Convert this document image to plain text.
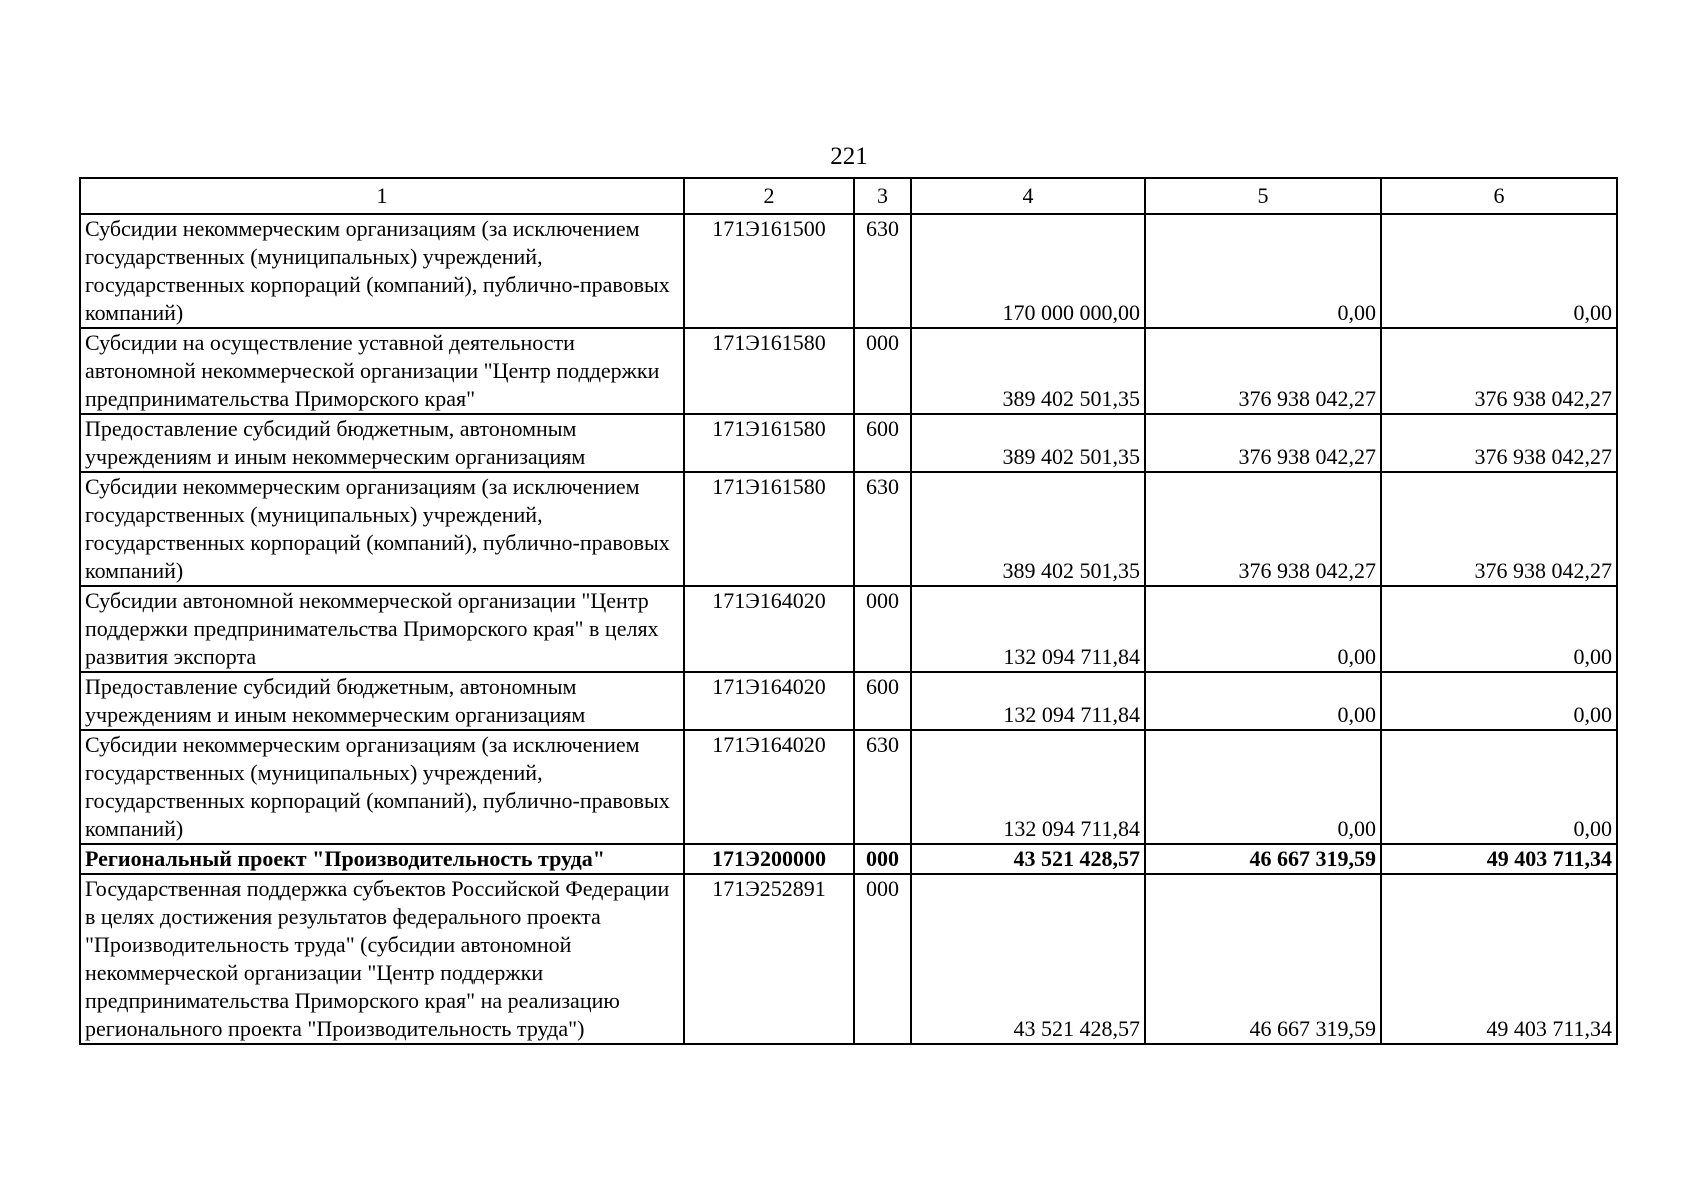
221
1	2	3	4	5	6
Субсидии некоммерческим организациям (за исключением государственных (муниципальных) учреждений, государственных корпораций (компаний), публично-правовых компаний)	171Э161500	630	170 000 000,00	0,00	0,00
Субсидии на осуществление уставной деятельности автономной некоммерческой организации "Центр поддержки предпринимательства Приморского края"	171Э161580	000	389 402 501,35	376 938 042,27	376 938 042,27
Предоставление субсидий бюджетным, автономным учреждениям и иным некоммерческим организациям	171Э161580	600	389 402 501,35	376 938 042,27	376 938 042,27
Субсидии некоммерческим организациям (за исключением государственных (муниципальных) учреждений, государственных корпораций (компаний), публично-правовых компаний)	171Э161580	630	389 402 501,35	376 938 042,27	376 938 042,27
Субсидии автономной некоммерческой организации "Центр поддержки предпринимательства Приморского края" в целях развития экспорта	171Э164020	000	132 094 711,84	0,00	0,00
Предоставление субсидий бюджетным, автономным учреждениям и иным некоммерческим организациям	171Э164020	600	132 094 711,84	0,00	0,00
Субсидии некоммерческим организациям (за исключением государственных (муниципальных) учреждений, государственных корпораций (компаний), публично-правовых компаний)	171Э164020	630	132 094 711,84	0,00	0,00
Региональный проект "Производительность труда"	171Э200000	000	43 521 428,57	46 667 319,59	49 403 711,34
Государственная поддержка субъектов Российской Федерации в целях достижения результатов федерального проекта "Производительность труда" (субсидии автономной некоммерческой организации "Центр поддержки предпринимательства Приморского края" на реализацию регионального проекта "Производительность труда")	171Э252891	000	43 521 428,57	46 667 319,59	49 403 711,34
